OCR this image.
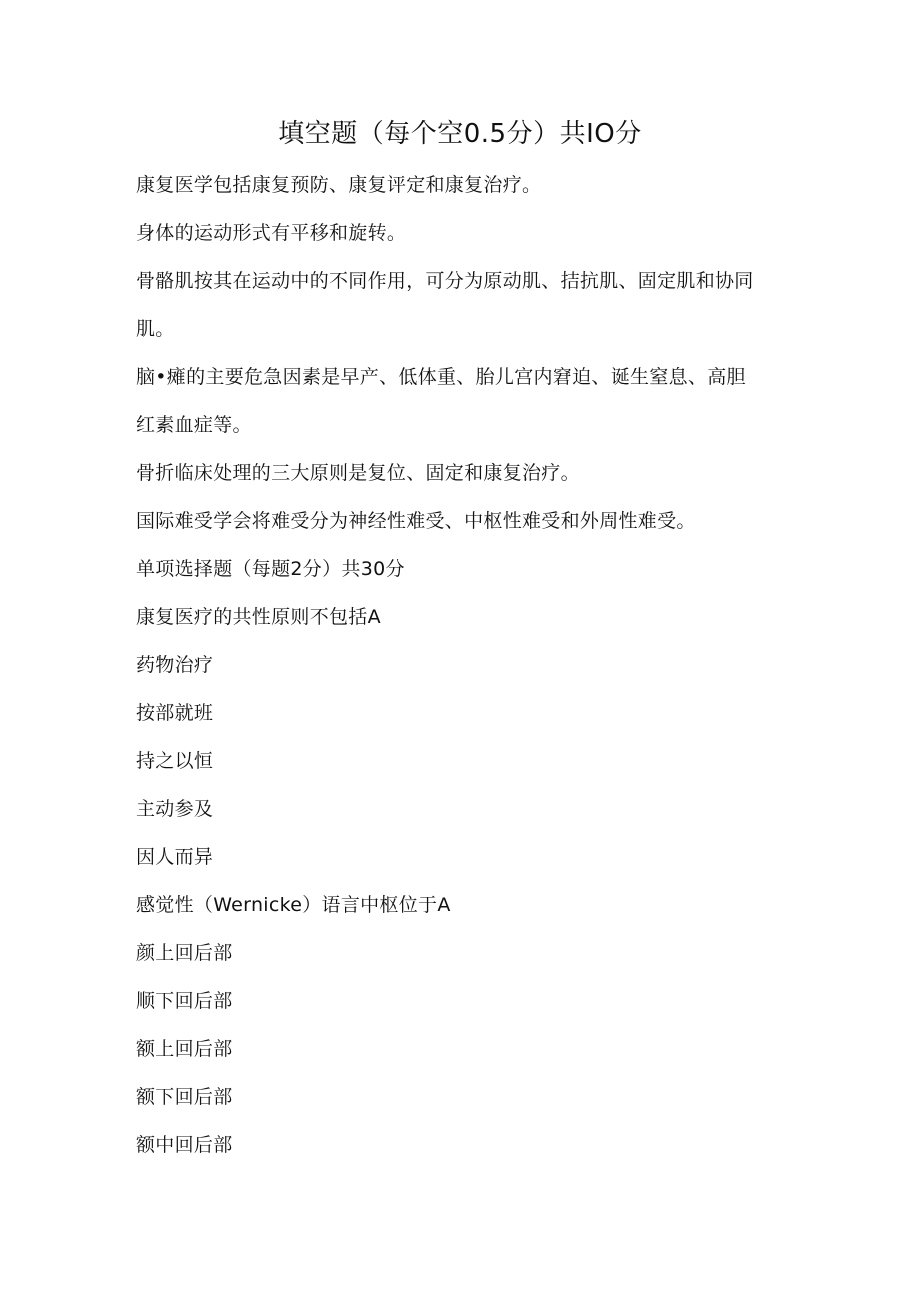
填空题（每个空0.5分）共IO分
康复医学包括康复预防、康复评定和康复治疗。
身体的运动形式有平移和旋转。
骨骼肌按其在运动中的不同作用，可分为原动肌、拮抗肌、固定肌和协同
肌。
脑•瘫的主要危急因素是早产、低体重、胎儿宫内窘迫、诞生窒息、高胆
红素血症等。
骨折临床处理的三大原则是复位、固定和康复治疗。
国际难受学会将难受分为神经性难受、中枢性难受和外周性难受。
单项选择题（每题2分）共30分
康复医疗的共性原则不包括A
药物治疗
按部就班
持之以恒
主动参及
因人而异
感觉性（Wernicke）语言中枢位于A
颜上回后部
顺下回后部
额上回后部
额下回后部
额中回后部
